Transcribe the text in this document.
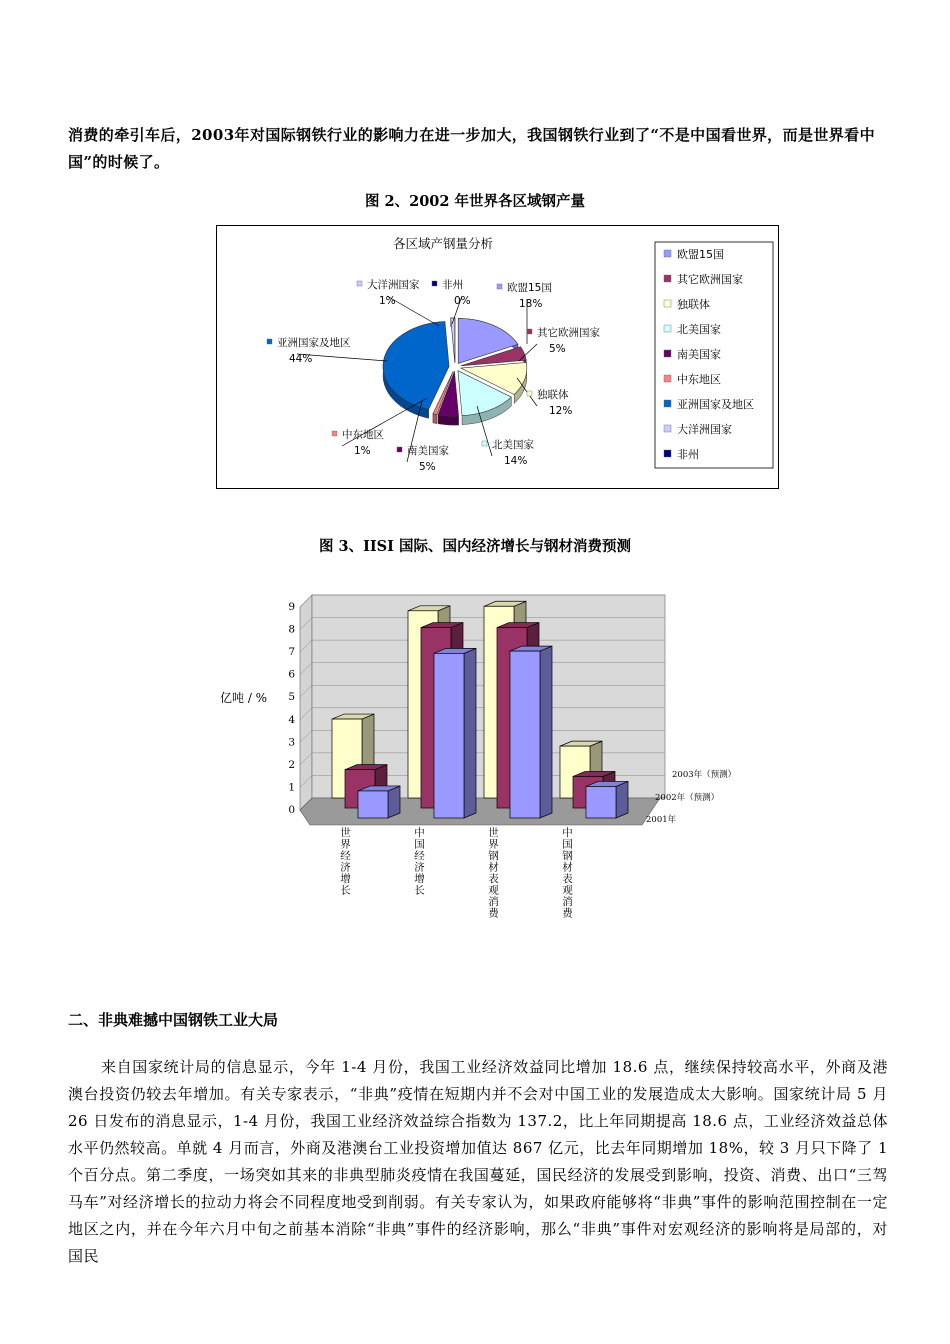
消费的牵引车后，2003年对国际钢铁行业的影响力在进一步加大，我国钢铁行业到了“不是中国看世界，而是世界看中国”的时候了。
图 2、2002 年世界各区域钢产量
各区域产钢量分析
欧盟15国
18%
其它欧洲国家
5%
独联体
12%
北美国家
14%
南美国家
5%
中东地区
1%
亚洲国家及地区
44%
大洋洲国家
1%
非州
0%
欧盟15国
其它欧洲国家
独联体
北美国家
南美国家
中东地区
亚洲国家及地区
大洋洲国家
非州
图 3、IISI 国际、国内经济增长与钢材消费预测
0
1
2
3
4
5
6
7
8
9
亿吨 / %
2001年
2002年（预测）
2003年（预测）
世界经济增长	中国经济增长	世界钢材表观消费	中国钢材表观消费
二、非典难撼中国钢铁工业大局
来自国家统计局的信息显示，今年 1-4 月份，我国工业经济效益同比增加 18.6 点，继续保持较高水平，外商及港澳台投资仍较去年增加。有关专家表示，“非典”疫情在短期内并不会对中国工业的发展造成太大影响。国家统计局 5 月 26 日发布的消息显示，1-4 月份，我国工业经济效益综合指数为 137.2，比上年同期提高 18.6 点，工业经济效益总体水平仍然较高。单就 4 月而言，外商及港澳台工业投资增加值达 867 亿元，比去年同期增加 18%，较 3 月只下降了 1 个百分点。第二季度，一场突如其来的非典型肺炎疫情在我国蔓延，国民经济的发展受到影响，投资、消费、出口“三驾马车”对经济增长的拉动力将会不同程度地受到削弱。有关专家认为，如果政府能够将“非典”事件的影响范围控制在一定地区之内，并在今年六月中旬之前基本消除“非典”事件的经济影响，那么“非典”事件对宏观经济的影响将是局部的，对国民
